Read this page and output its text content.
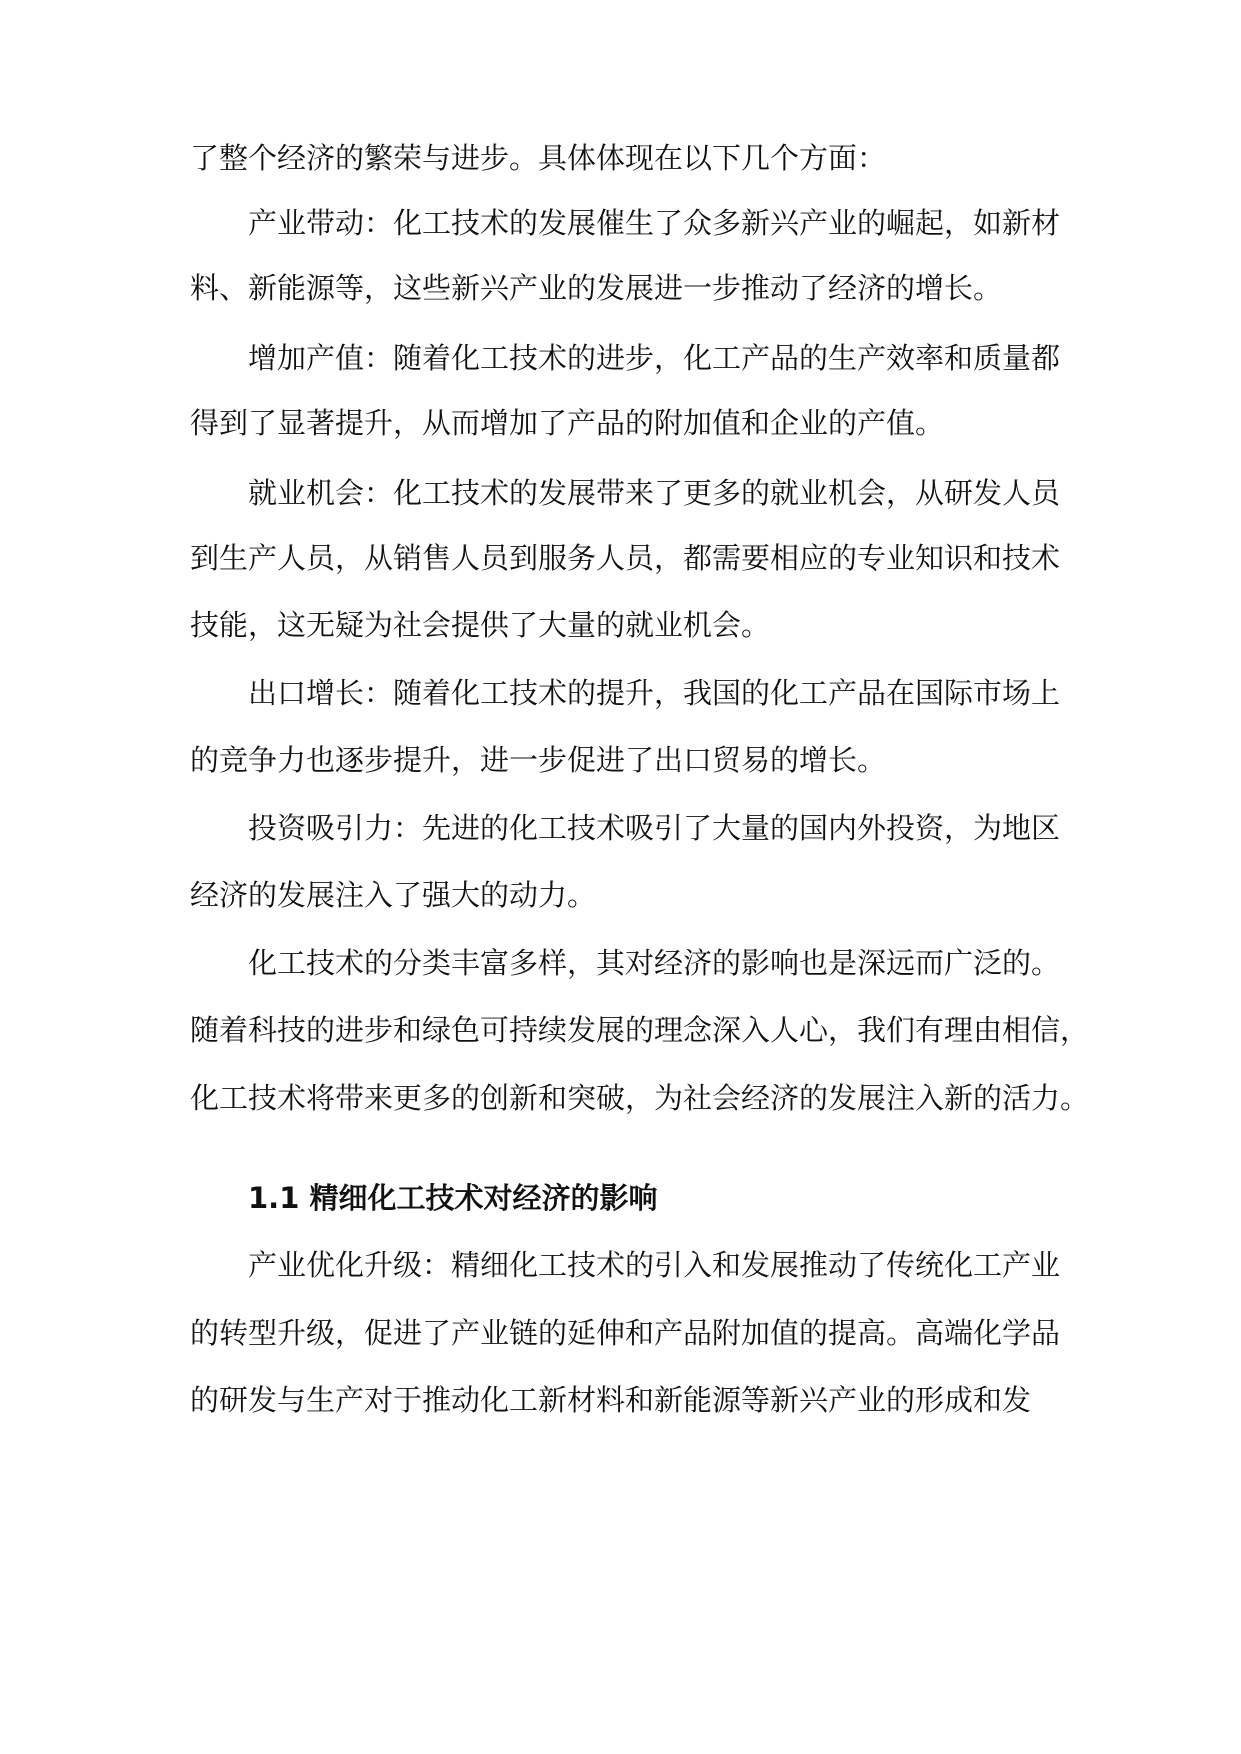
了整个经济的繁荣与进步。具体体现在以下几个方面：
产业带动：化工技术的发展催生了众多新兴产业的崛起，如新材
料、新能源等，这些新兴产业的发展进一步推动了经济的增长。
增加产值：随着化工技术的进步，化工产品的生产效率和质量都
得到了显著提升，从而增加了产品的附加值和企业的产值。
就业机会：化工技术的发展带来了更多的就业机会，从研发人员
到生产人员，从销售人员到服务人员，都需要相应的专业知识和技术
技能，这无疑为社会提供了大量的就业机会。
出口增长：随着化工技术的提升，我国的化工产品在国际市场上
的竞争力也逐步提升，进一步促进了出口贸易的增长。
投资吸引力：先进的化工技术吸引了大量的国内外投资，为地区
经济的发展注入了强大的动力。
化工技术的分类丰富多样，其对经济的影响也是深远而广泛的。
随着科技的进步和绿色可持续发展的理念深入人心，我们有理由相信，
化工技术将带来更多的创新和突破，为社会经济的发展注入新的活力。
1.1 精细化工技术对经济的影响
产业优化升级：精细化工技术的引入和发展推动了传统化工产业
的转型升级，促进了产业链的延伸和产品附加值的提高。高端化学品
的研发与生产对于推动化工新材料和新能源等新兴产业的形成和发
